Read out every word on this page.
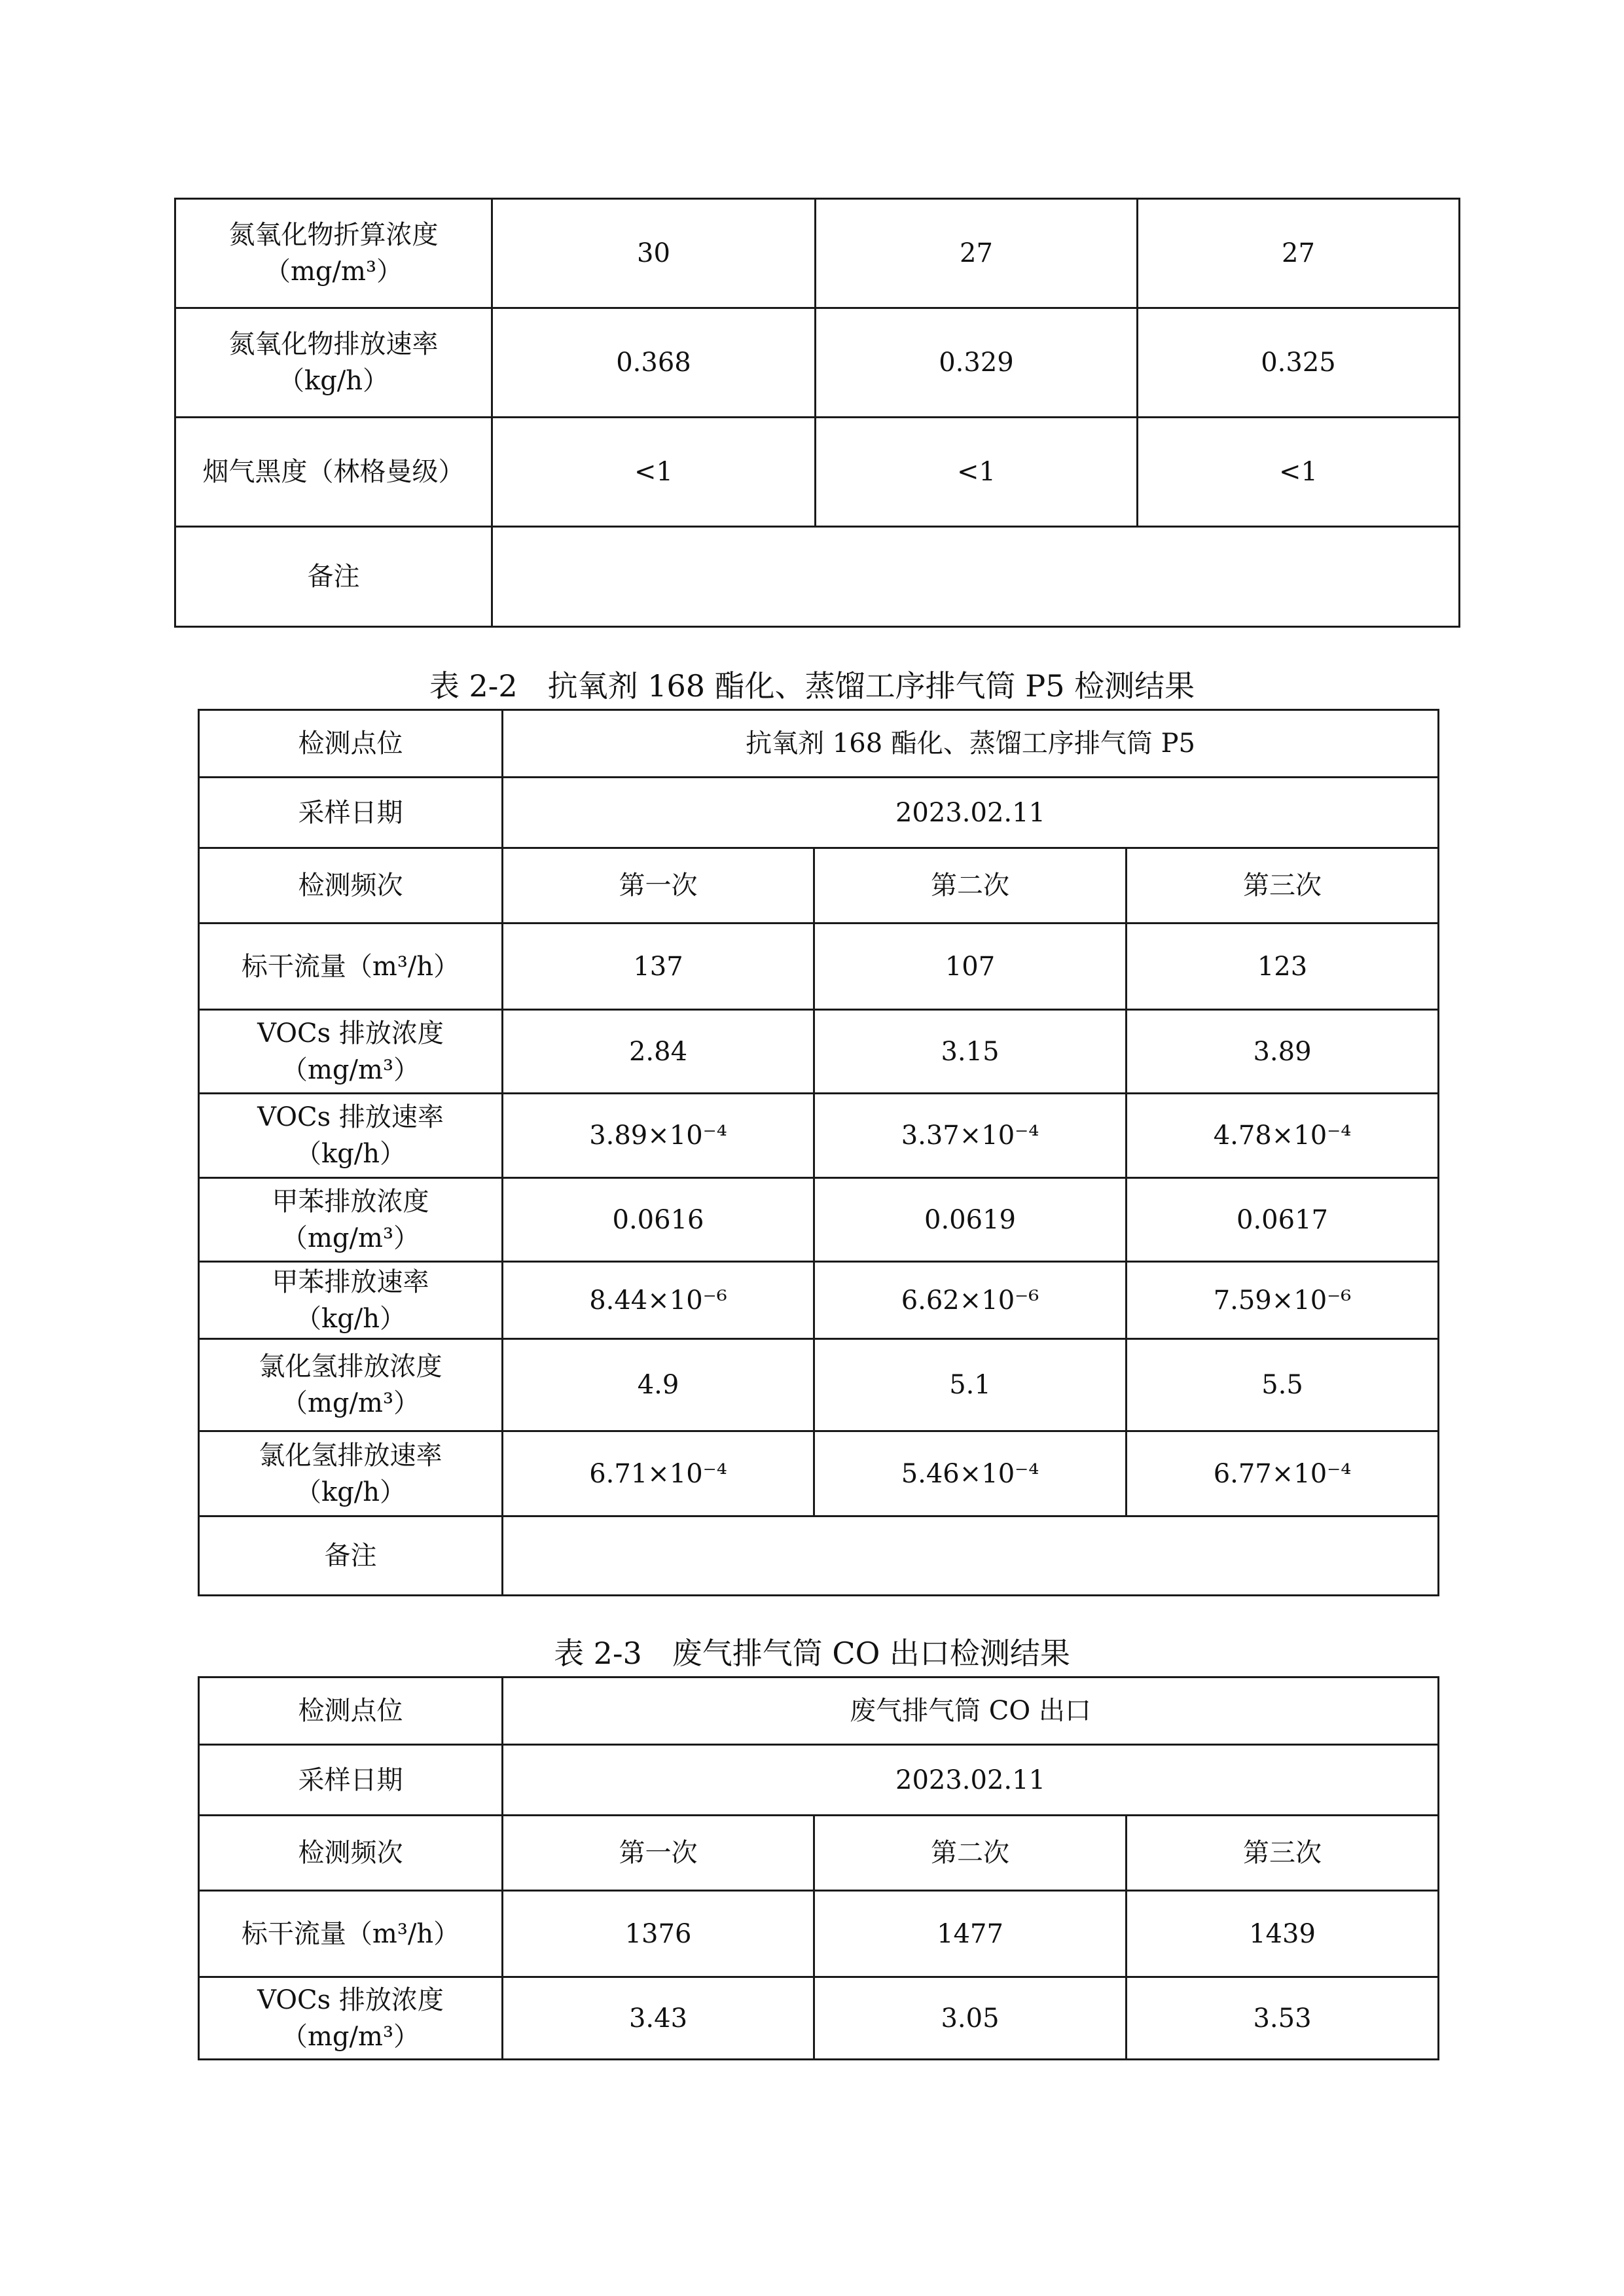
氮氧化物折算浓度
（mg/m³）	30	27	27

氮氧化物排放速率
（kg/h）	0.368	0.329	0.325
烟气黑度（林格曼级）	<1	<1	<1
备注			
表 2-2　抗氧剂 168 酯化、蒸馏工序排气筒 P5 检测结果
检测点位	抗氧剂 168 酯化、蒸馏工序排气筒 P5		
采样日期	2023.02.11		
检测频次	第一次	第二次	第三次
标干流量（m³/h）	137	107	123

VOCs 排放浓度
（mg/m³）	2.84	3.15	3.89

VOCs 排放速率
（kg/h）	3.89×10⁻⁴	3.37×10⁻⁴	4.78×10⁻⁴

甲苯排放浓度
（mg/m³）	0.0616	0.0619	0.0617

甲苯排放速率
（kg/h）	8.44×10⁻⁶	6.62×10⁻⁶	7.59×10⁻⁶

氯化氢排放浓度
（mg/m³）	4.9	5.1	5.5

氯化氢排放速率
（kg/h）	6.71×10⁻⁴	5.46×10⁻⁴	6.77×10⁻⁴
备注			
表 2-3　废气排气筒 CO 出口检测结果
检测点位	废气排气筒 CO 出口		
采样日期	2023.02.11		
检测频次	第一次	第二次	第三次
标干流量（m³/h）	1376	1477	1439

VOCs 排放浓度
（mg/m³）	3.43	3.05	3.53
